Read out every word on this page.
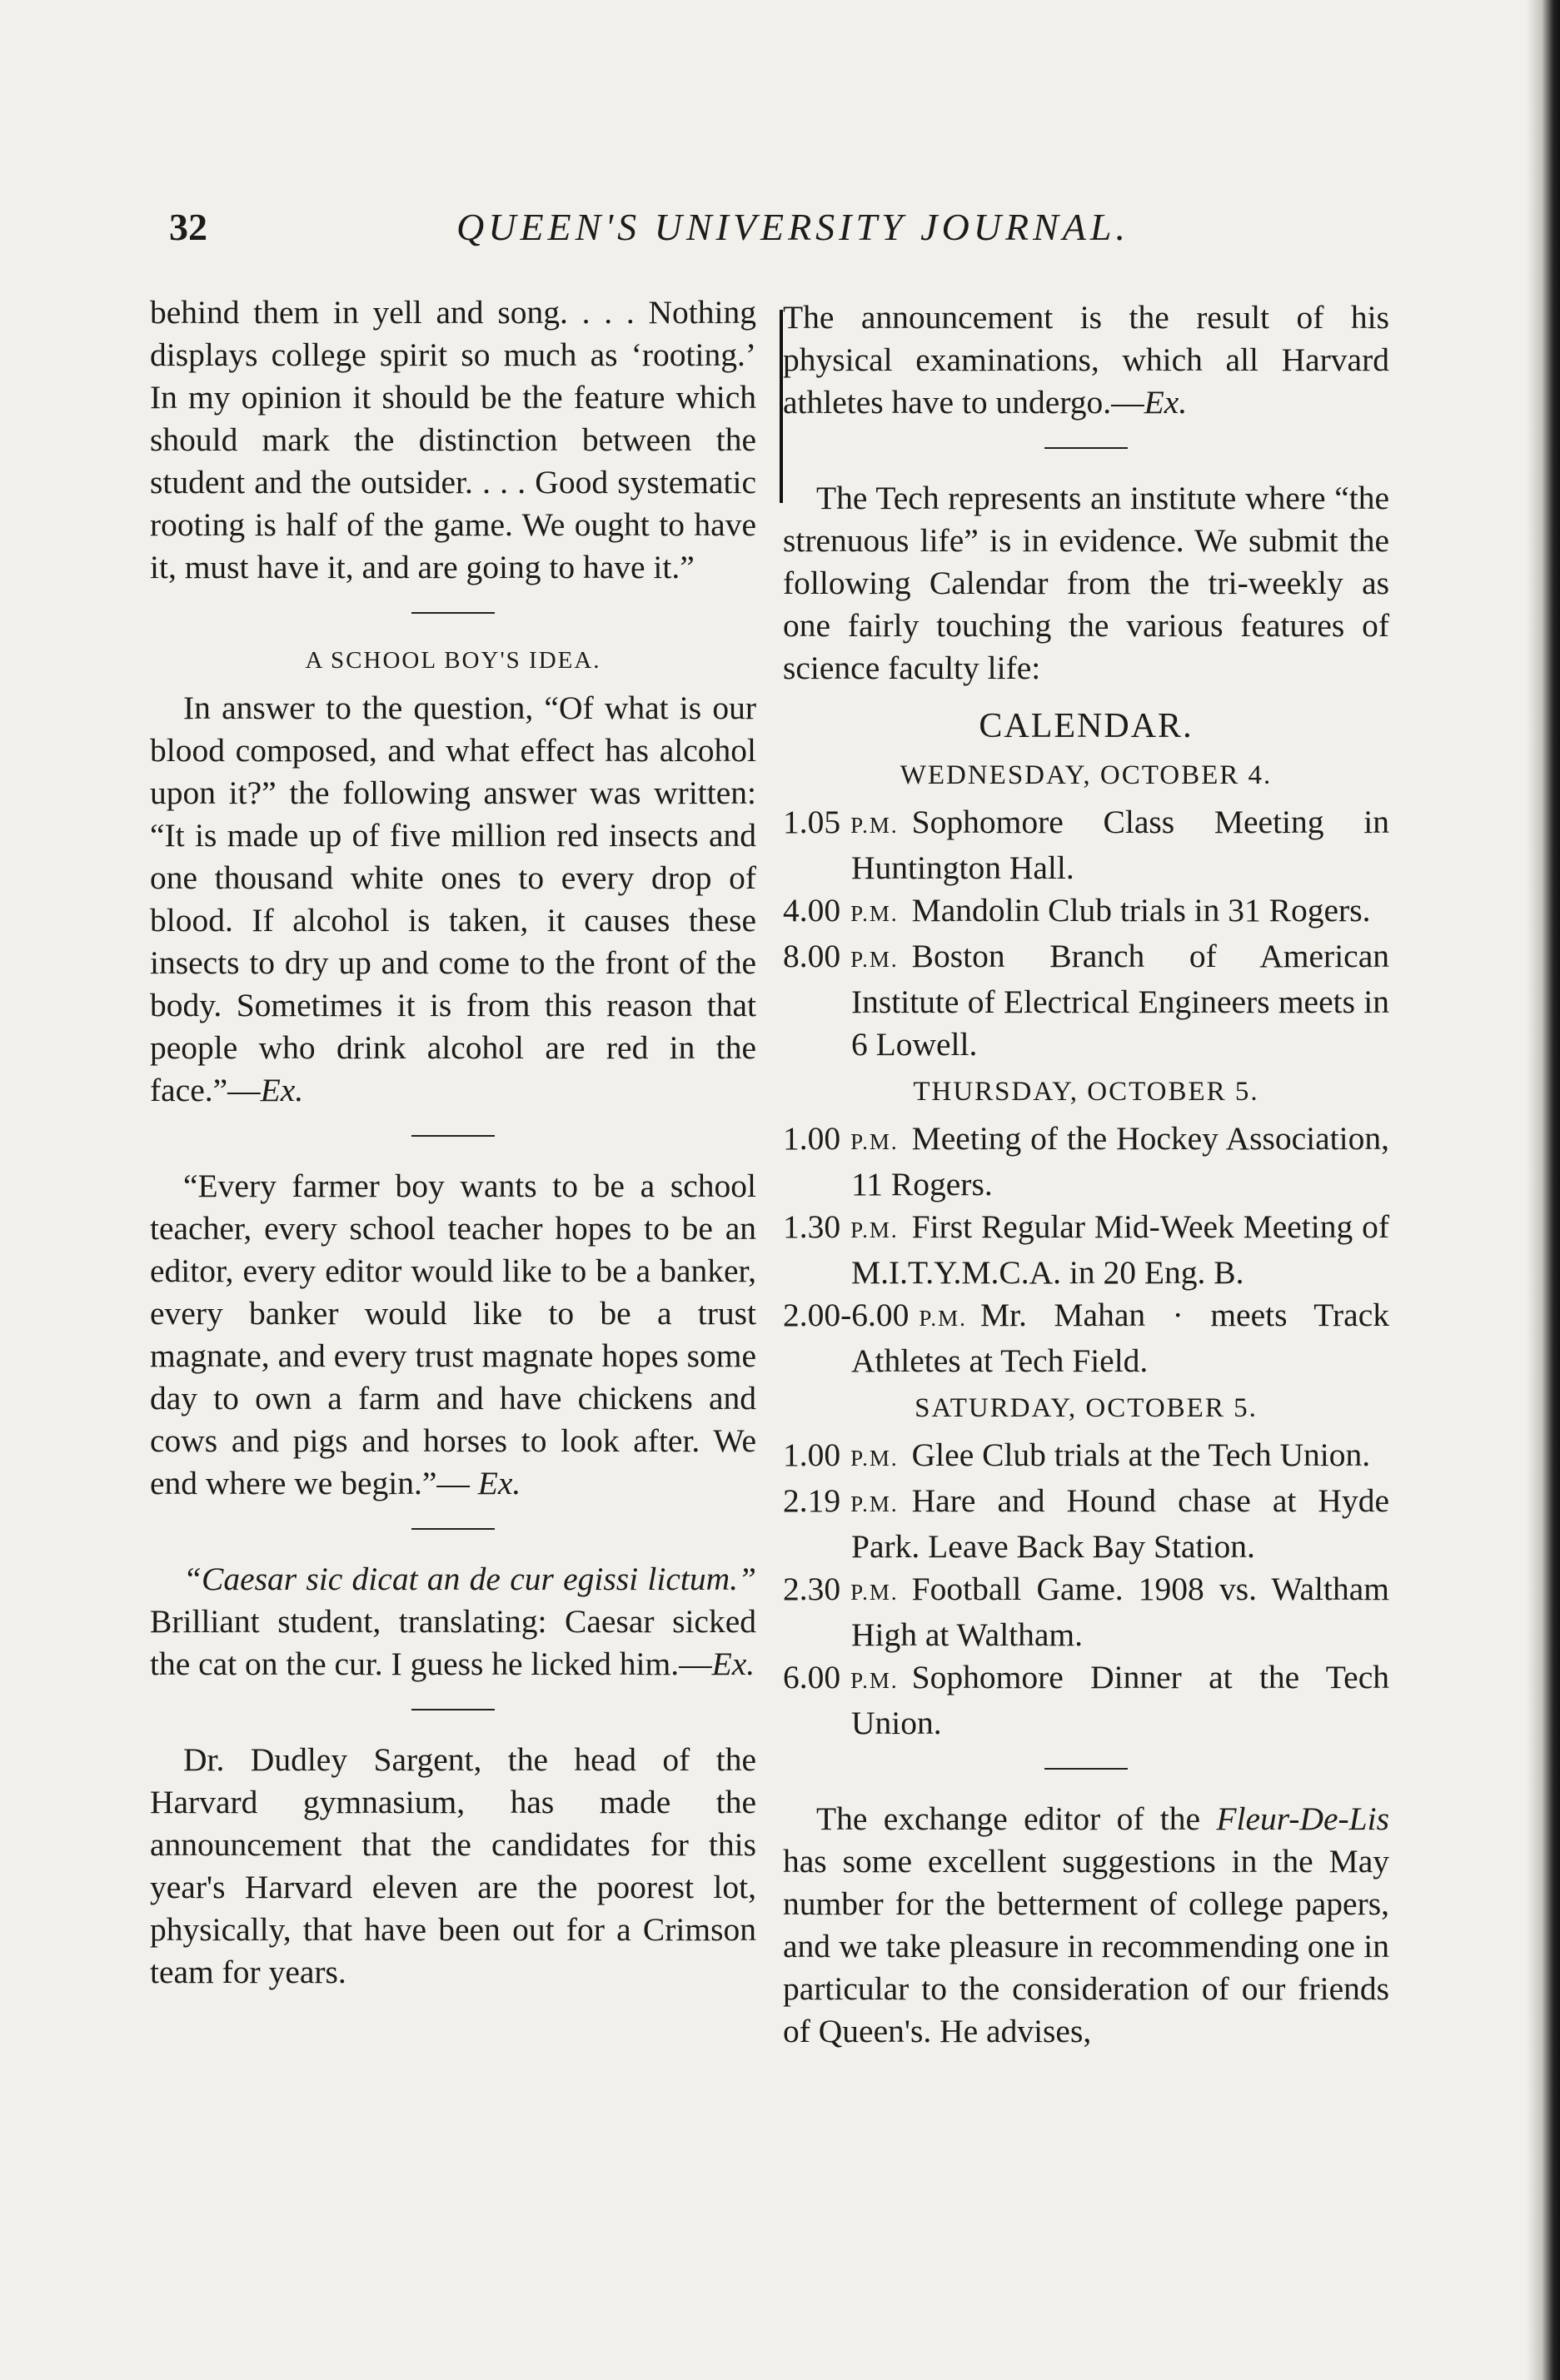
32	QUEEN'S UNIVERSITY JOURNAL.

behind them in yell and song. . . . Nothing displays college spirit so much as ‘rooting.’ In my opinion it should be the feature which should mark the distinction between the student and the outsider. . . . Good systematic rooting is half of the game. We ought to have it, must have it, and are going to have it.”

A SCHOOL BOY'S IDEA.

In answer to the question, “Of what is our blood composed, and what effect has alcohol upon it?” the following answer was written: “It is made up of five million red insects and one thousand white ones to every drop of blood. If alcohol is taken, it causes these insects to dry up and come to the front of the body. Sometimes it is from this reason that people who drink alcohol are red in the face.”—Ex.

“Every farmer boy wants to be a school teacher, every school teacher hopes to be an editor, every editor would like to be a banker, every banker would like to be a trust magnate, and every trust magnate hopes some day to own a farm and have chickens and cows and pigs and horses to look after. We end where we begin.”— Ex.

“Caesar sic dicat an de cur egissi lictum.” Brilliant student, translating: Caesar sicked the cat on the cur. I guess he licked him.—Ex.

Dr. Dudley Sargent, the head of the Harvard gymnasium, has made the announcement that the candidates for this year's Harvard eleven are the poorest lot, physically, that have been out for a Crimson team for years.

The announcement is the result of his physical examinations, which all Harvard athletes have to undergo.—Ex.

The Tech represents an institute where “the strenuous life” is in evidence. We submit the following Calendar from the tri-weekly as one fairly touching the various features of science faculty life:

CALENDAR.
WEDNESDAY, OCTOBER 4.

1.05 P.M. Sophomore Class Meeting in Huntington Hall.

4.00 P.M. Mandolin Club trials in 31 Rogers.

8.00 P.M. Boston Branch of American Institute of Electrical Engineers meets in 6 Lowell.

THURSDAY, OCTOBER 5.

1.00 P.M. Meeting of the Hockey Association, 11 Rogers.

1.30 P.M. First Regular Mid-Week Meeting of M.I.T.Y.M.C.A. in 20 Eng. B.

2.00-6.00 P.M. Mr. Mahan · meets Track Athletes at Tech Field.

SATURDAY, OCTOBER 5.

1.00 P.M. Glee Club trials at the Tech Union.

2.19 P.M. Hare and Hound chase at Hyde Park. Leave Back Bay Station.

2.30 P.M. Football Game. 1908 vs. Waltham High at Waltham.

6.00 P.M. Sophomore Dinner at the Tech Union.

The exchange editor of the Fleur-De-Lis has some excellent suggestions in the May number for the betterment of college papers, and we take pleasure in recommending one in particular to the consideration of our friends of Queen's. He advises,
